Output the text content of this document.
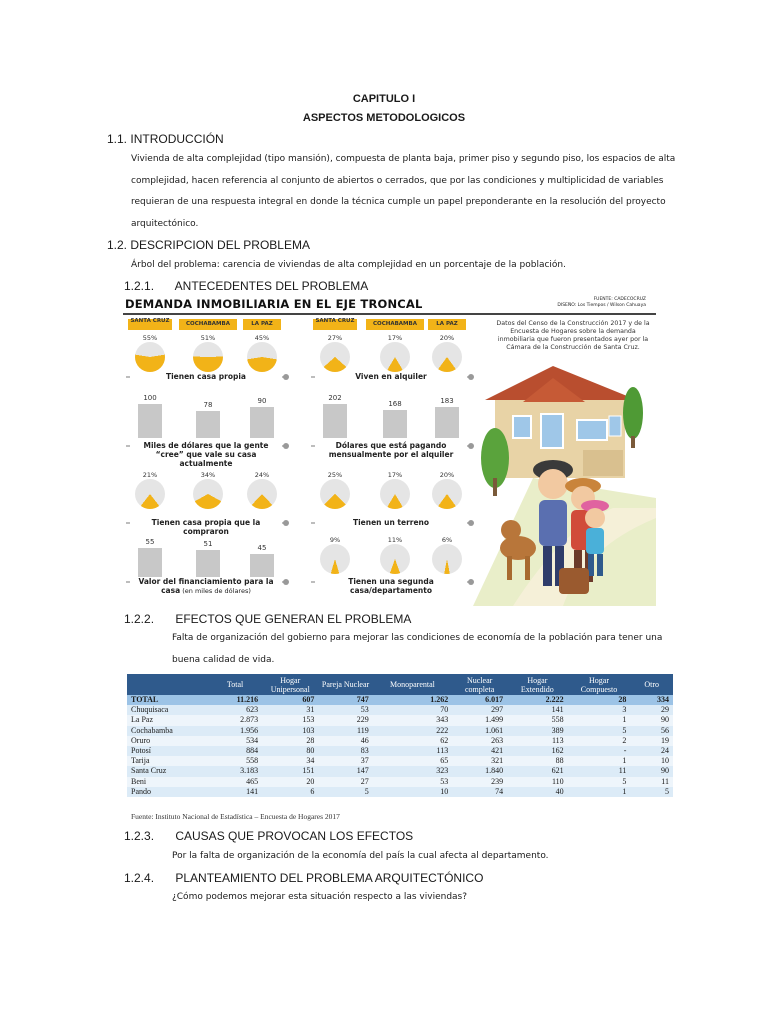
CAPITULO I
ASPECTOS METODOLOGICOS
1.1. INTRODUCCIÓN
Vivienda de alta complejidad (tipo mansión), compuesta de planta baja, primer piso y segundo piso, los espacios de alta
complejidad, hacen referencia al conjunto de abiertos o cerrados, que por las condiciones y multiplicidad de variables
requieran de una respuesta integral en donde la técnica cumple un papel preponderante en la resolución del proyecto
arquitectónico.
1.2. DESCRIPCION DEL PROBLEMA
Árbol del problema: carencia de viviendas de alta complejidad en un porcentaje de la población.
1.2.1. ANTECEDENTES DEL PROBLEMA
DEMANDA INMOBILIARIA EN EL EJE TRONCAL	FUENTE: CADECOCRUZ
DISEÑO: Los Tiempos / Wilson Cahuaya
SANTA CRUZ	COCHABAMBA	LA PAZ	SANTA CRUZ	COCHABAMBA	LA PAZ
55%	51%	45%
Tienen casa propia
100
78	90
Miles de dólares que la gente “cree” que vale su casa actualmente
21%	34%	24%
Tienen casa propia que la compraron
55	51	45
Valor del financiamiento para la casa (en miles de dólares)
27%	17%	20%
Viven en alquiler
202
168	183
Dólares que está pagando mensualmente por el alquiler
25%	17%	20%
Tienen un terreno
9%	11%	6%
Tienen una segunda casa/departamento
Datos del Censo de la Construcción 2017 y de la Encuesta de Hogares sobre la demanda inmobiliaria que fueron presentados ayer por la Cámara de la Construcción de Santa Cruz.
1.2.2. EFECTOS QUE GENERAN EL PROBLEMA
Falta de organización del gobierno para mejorar las condiciones de economía de la población para tener una
buena calidad de vida.
	Total	Hogar Unipersonal	Pareja Nuclear	Monoparental	Nuclear completa	Hogar Extendido	Hogar Compuesto	Otro
TOTAL	11.216	607	747	1.262	6.017	2.222	28	334
Chuquisaca	623	31	53	70	297	141	3	29
La Paz	2.873	153	229	343	1.499	558	1	90
Cochabamba	1.956	103	119	222	1.061	389	5	56
Oruro	534	28	46	62	263	113	2	19
Potosí	884	80	83	113	421	162	-	24
Tarija	558	34	37	65	321	88	1	10
Santa Cruz	3.183	151	147	323	1.840	621	11	90
Beni	465	20	27	53	239	110	5	11
Pando	141	6	5	10	74	40	1	5
Fuente: Instituto Nacional de Estadística – Encuesta de Hogares 2017
1.2.3. CAUSAS QUE PROVOCAN LOS EFECTOS
Por la falta de organización de la economía del país la cual afecta al departamento.
1.2.4. PLANTEAMIENTO DEL PROBLEMA ARQUITECTÓNICO
¿Cómo podemos mejorar esta situación respecto a las viviendas?
